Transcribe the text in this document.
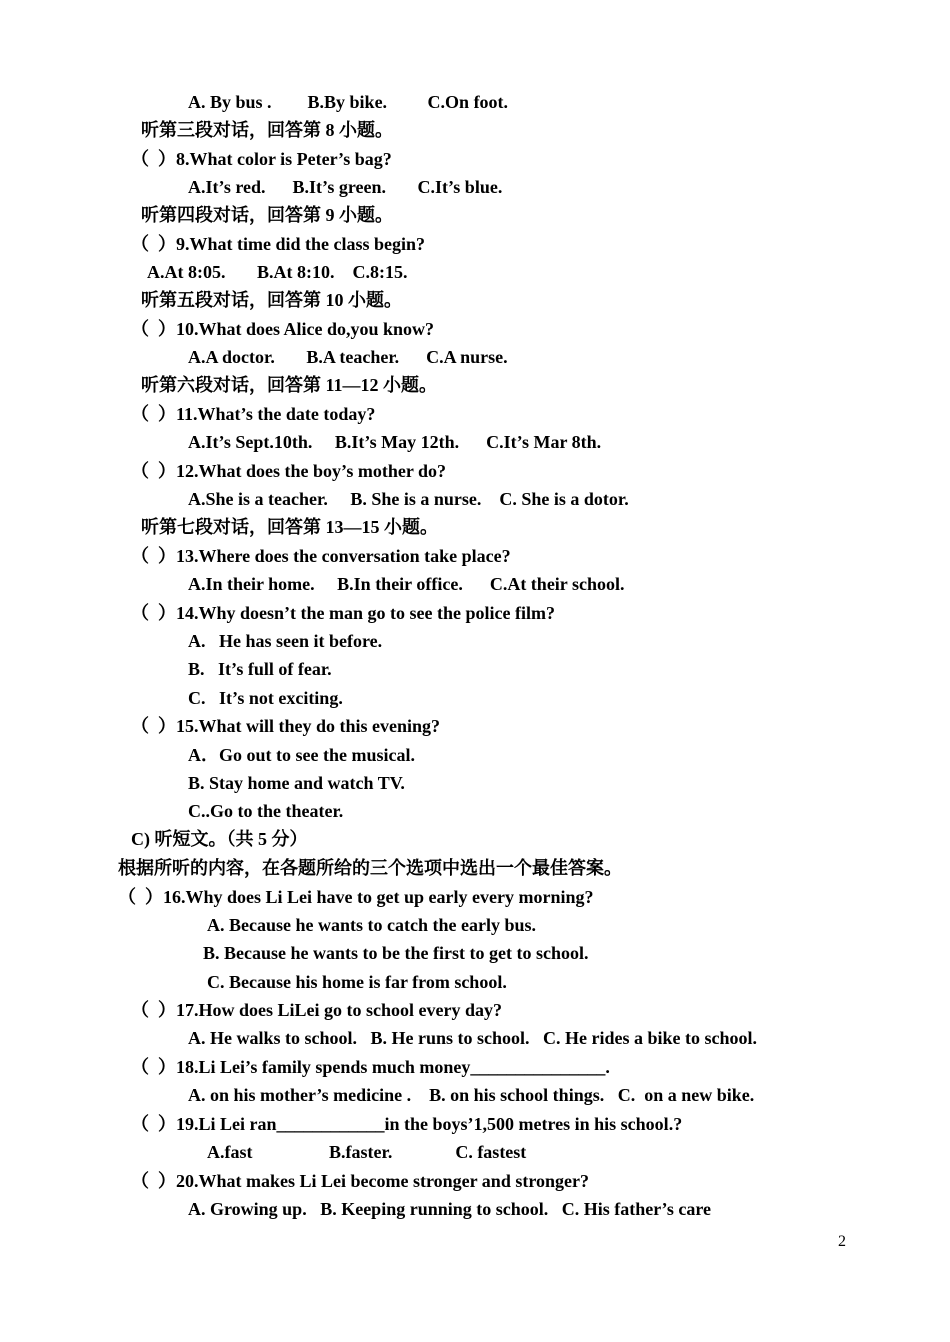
A. By bus .        B.By bike.         C.On foot.
听第三段对话，回答第 8 小题。
（  ）8.What color is Peter’s bag?
A.It’s red.      B.It’s green.       C.It’s blue.
听第四段对话，回答第 9 小题。
（  ）9.What time did the class begin?
A.At 8:05.       B.At 8:10.    C.8:15.
听第五段对话，回答第 10 小题。
（  ）10.What does Alice do,you know?
A.A doctor.       B.A teacher.      C.A nurse.
听第六段对话，回答第 11—12 小题。
（  ）11.What’s the date today?
A.It’s Sept.10th.     B.It’s May 12th.      C.It’s Mar 8th.
（  ）12.What does the boy’s mother do?
A.She is a teacher.     B. She is a nurse.    C. She is a dotor.
听第七段对话，回答第 13—15 小题。
（  ）13.Where does the conversation take place?
A.In their home.     B.In their office.      C.At their school.
（  ）14.Why doesn’t the man go to see the police film?
A.   He has seen it before.
B.   It’s full of fear.
C.   It’s not exciting.
（  ）15.What will they do this evening?
A．Go out to see the musical.
B. Stay home and watch TV.
C..Go to the theater.
C) 听短文。（共 5 分）
根据所听的内容，在各题所给的三个选项中选出一个最佳答案。
（  ）16.Why does Li Lei have to get up early every morning?
A. Because he wants to catch the early bus.
B. Because he wants to be the first to get to school.
C. Because his home is far from school.
（  ）17.How does LiLei go to school every day?
A. He walks to school.   B. He runs to school.   C. He rides a bike to school.
（  ）18.Li Lei’s family spends much money_______________.
A. on his mother’s medicine .    B. on his school things.   C.  on a new bike.
（  ）19.Li Lei ran____________in the boys’1,500 metres in his school.?
A.fast                 B.faster.              C. fastest
（  ）20.What makes Li Lei become stronger and stronger?
A. Growing up.   B. Keeping running to school.   C. His father’s care
2
